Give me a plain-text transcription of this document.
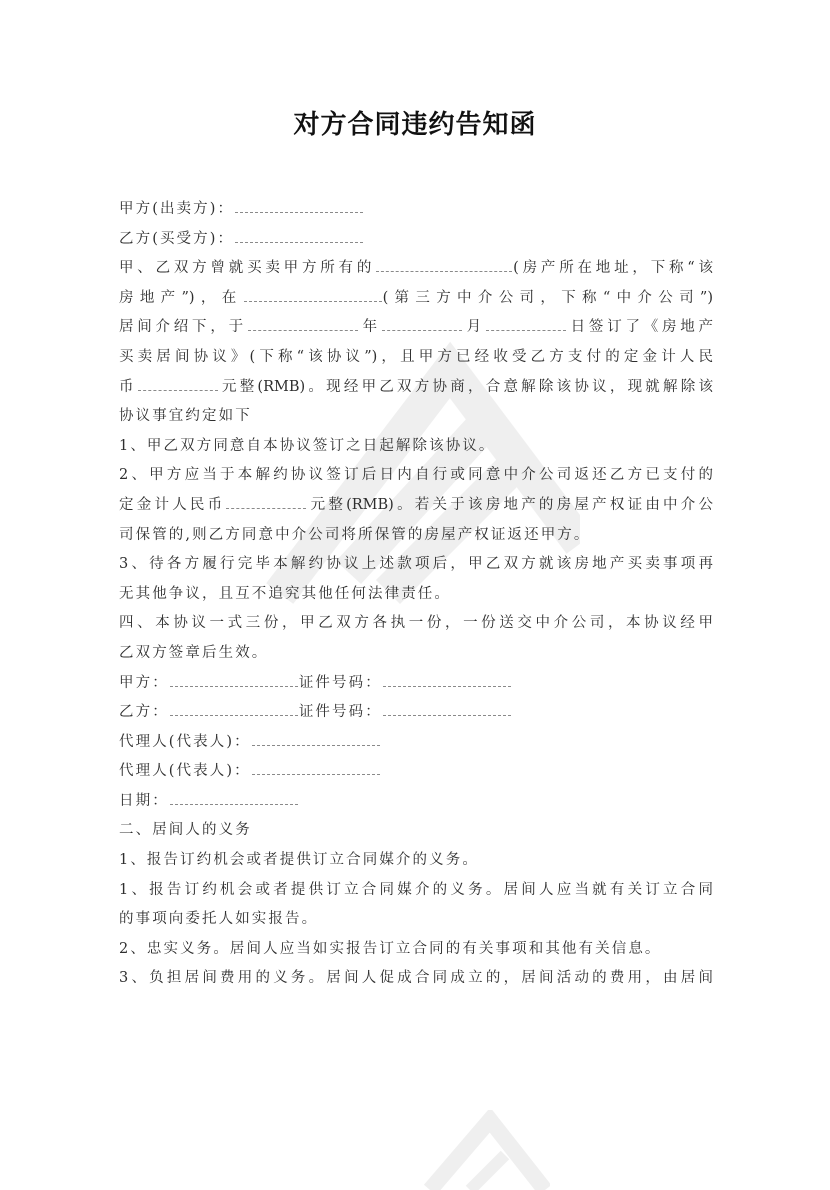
对方合同违约告知函
甲方(出卖方)：
乙方(买受方)：
甲、乙双方曾就买卖甲方所有的	(房产所在地址，下称“该
房地产”)，在	(第三方中介公司，下称“中介公司”)
居间介绍下，于	年	月	日签订了《房地产
买卖居间协议》(下称“该协议”)，且甲方已经收受乙方支付的定金计人民
币	元整(RMB)。现经甲乙双方协商，合意解除该协议，现就解除该
协议事宜约定如下
1、甲乙双方同意自本协议签订之日起解除该协议。
2、甲方应当于本解约协议签订后日内自行或同意中介公司返还乙方已支付的
定金计人民币	元整(RMB)。若关于该房地产的房屋产权证由中介公
司保管的,则乙方同意中介公司将所保管的房屋产权证返还甲方。
3、待各方履行完毕本解约协议上述款项后，甲乙双方就该房地产买卖事项再
无其他争议，且互不追究其他任何法律责任。
四、本协议一式三份，甲乙双方各执一份，一份送交中介公司，本协议经甲
乙双方签章后生效。
甲方：	证件号码：
乙方：	证件号码：
代理人(代表人)：
代理人(代表人)：
日期：
二、居间人的义务
1、报告订约机会或者提供订立合同媒介的义务。
1、报告订约机会或者提供订立合同媒介的义务。居间人应当就有关订立合同
的事项向委托人如实报告。
2、忠实义务。居间人应当如实报告订立合同的有关事项和其他有关信息。
3、负担居间费用的义务。居间人促成合同成立的，居间活动的费用，由居间
